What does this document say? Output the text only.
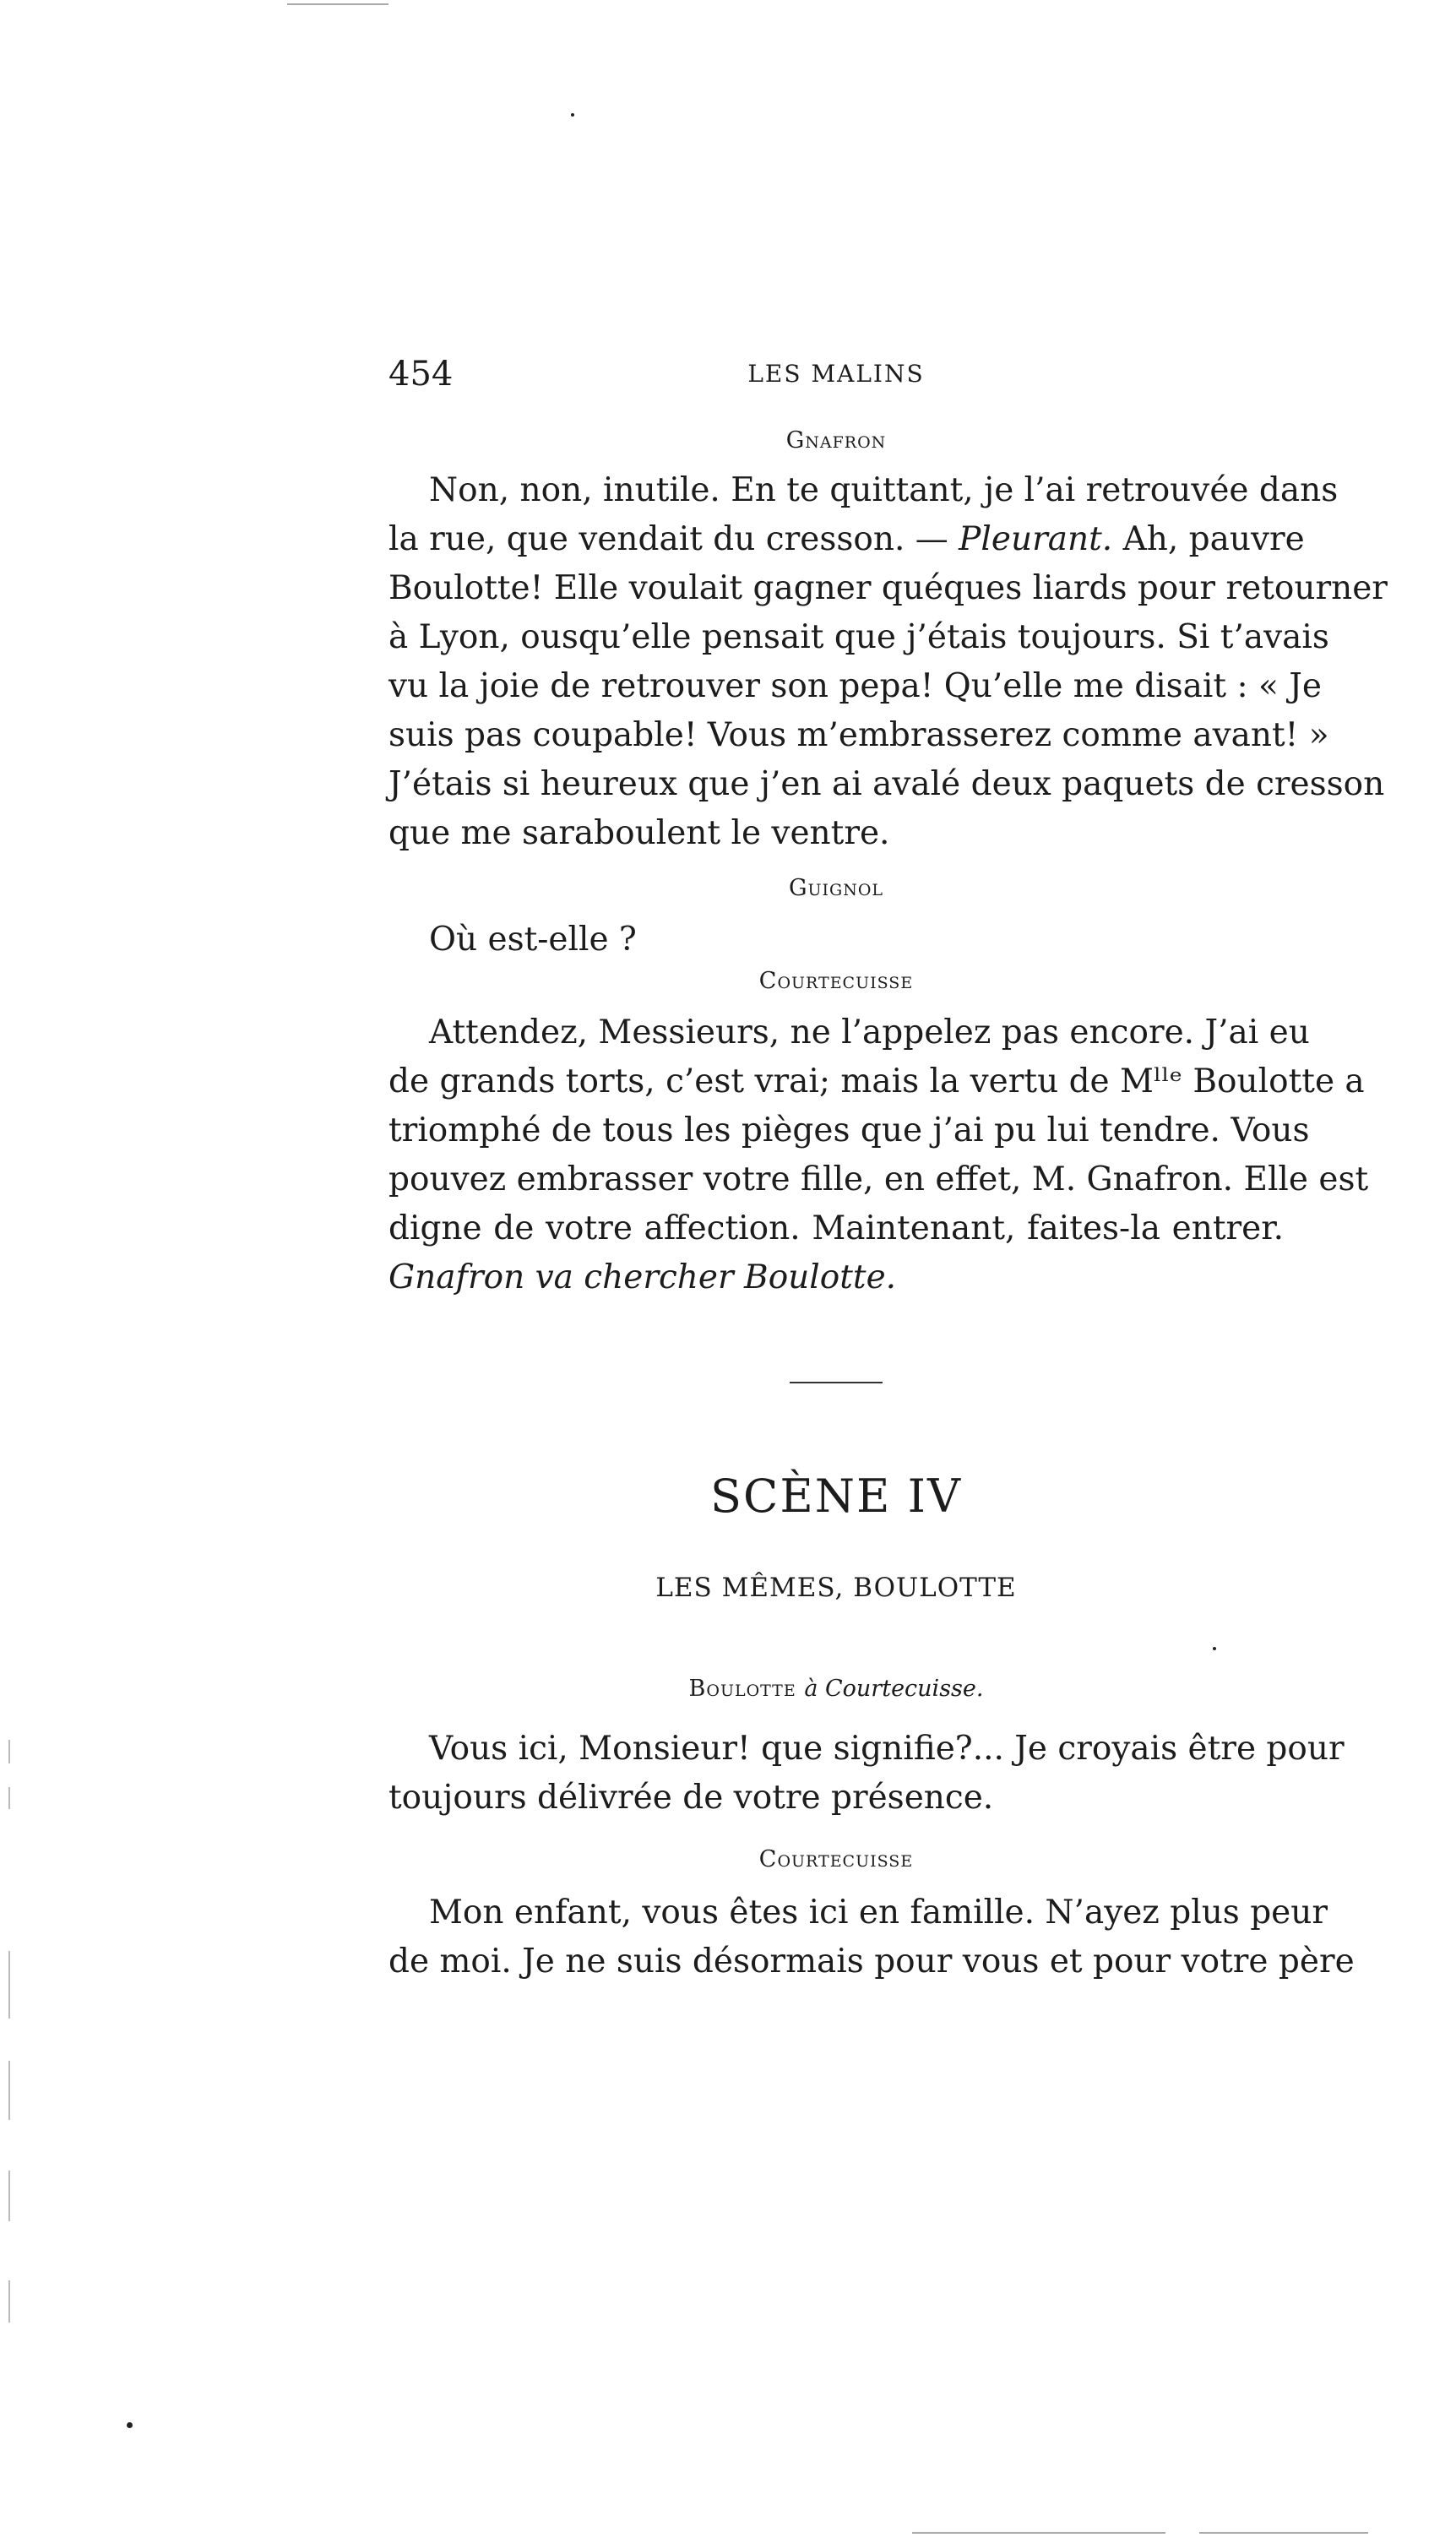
454	LES MALINS
Gnafron
Non, non, inutile. En te quittant, je l’ai retrouvée dans
la rue, que vendait du cresson. — Pleurant. Ah, pauvre
Boulotte! Elle voulait gagner quéques liards pour retourner
à Lyon, ousqu’elle pensait que j’étais toujours. Si t’avais
vu la joie de retrouver son pepa! Qu’elle me disait : « Je
suis pas coupable! Vous m’embrasserez comme avant! »
J’étais si heureux que j’en ai avalé deux paquets de cresson
que me saraboulent le ventre.
Guignol
Où est-elle ?
Courtecuisse
Attendez, Messieurs, ne l’appelez pas encore. J’ai eu
de grands torts, c’est vrai; mais la vertu de Mˡˡᵉ Boulotte a
triomphé de tous les pièges que j’ai pu lui tendre. Vous
pouvez embrasser votre fille, en effet, M. Gnafron. Elle est
digne de votre affection. Maintenant, faites-la entrer.
Gnafron va chercher Boulotte.
SCÈNE IV
LES MÊMES, BOULOTTE
Boulotte à Courtecuisse.
Vous ici, Monsieur! que signifie?... Je croyais être pour
toujours délivrée de votre présence.
Courtecuisse
Mon enfant, vous êtes ici en famille. N’ayez plus peur
de moi. Je ne suis désormais pour vous et pour votre père
